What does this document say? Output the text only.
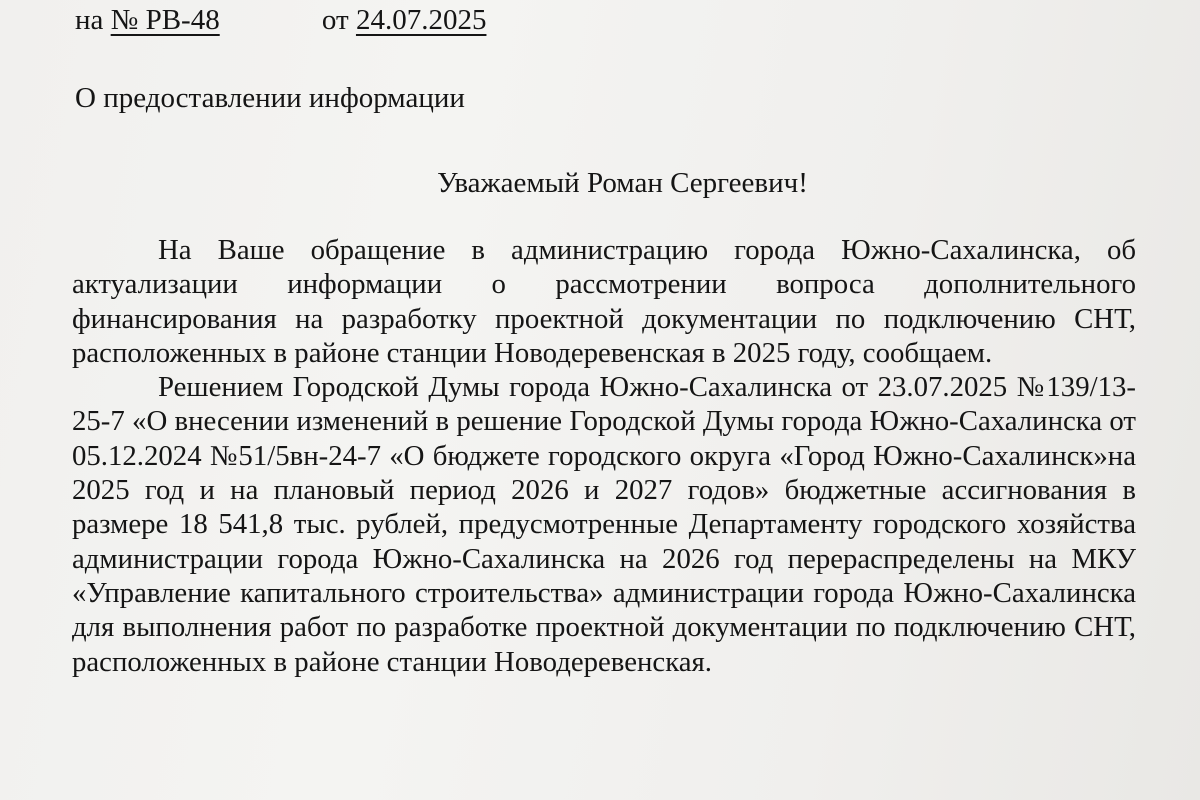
на № РВ-48	от 24.07.2025
О предоставлении информации
Уважаемый Роман Сергеевич!

На Ваше обращение в администрацию города Южно-Сахалинска, об актуализации информации о рассмотрении вопроса дополнительного финансирования на разработку проектной документации по подключению СНТ, расположенных в районе станции Новодеревенская в 2025 году, сообщаем.

Решением Городской Думы города Южно-Сахалинска от 23.07.2025 №139/13-25-7 «О внесении изменений в решение Городской Думы города Южно-Сахалинска от 05.12.2024 №51/5вн-24-7 «О бюджете городского округа «Город Южно-Сахалинск»на 2025 год и на плановый период 2026 и 2027 годов» бюджетные ассигнования в размере 18 541,8 тыс. рублей, предусмотренные Департаменту городского хозяйства администрации города Южно-Сахалинска на 2026 год перераспределены на МКУ «Управление капитального строительства» администрации города Южно-Сахалинска для выполнения работ по разработке проектной документации по подключению СНТ, расположенных в районе станции Новодеревенская.
